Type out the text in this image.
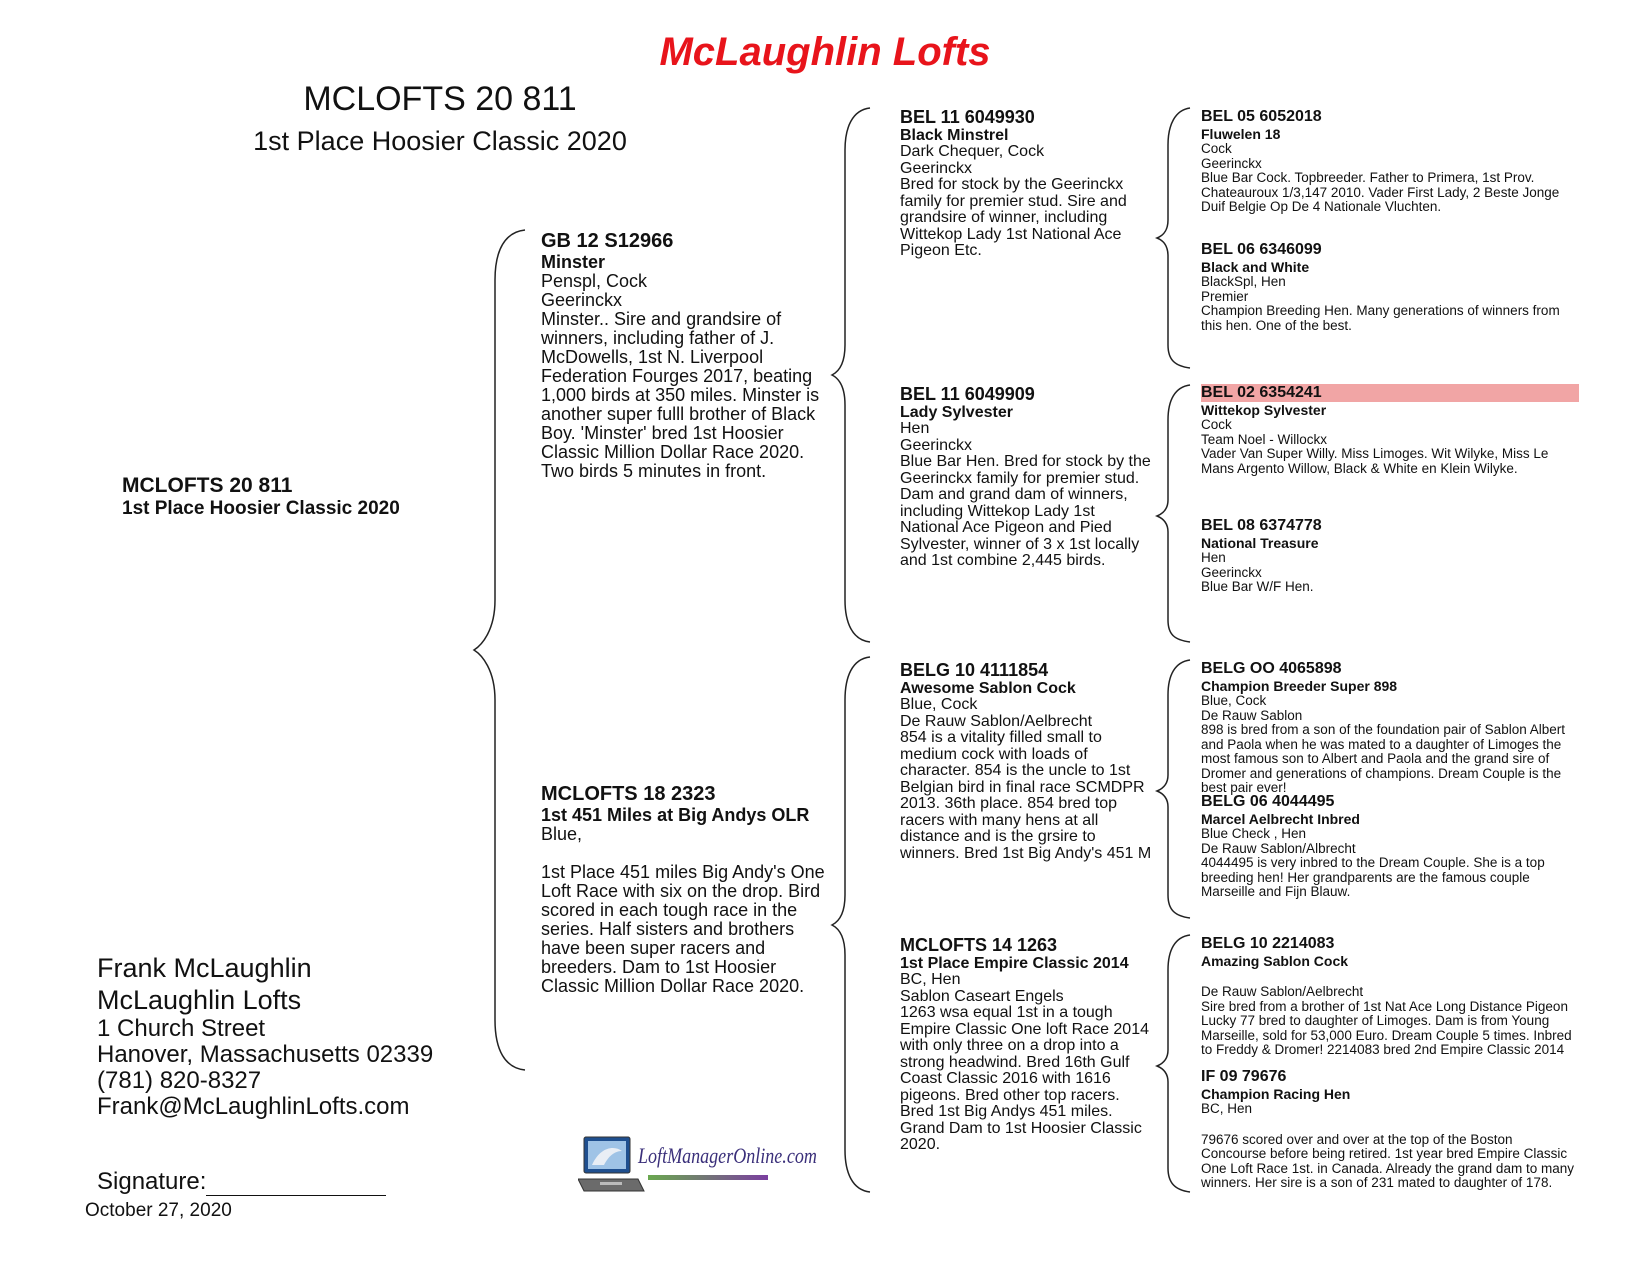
McLaughlin Lofts
MCLOFTS 20 811
1st Place Hoosier Classic 2020
MCLOFTS 20 811
1st Place Hoosier Classic 2020
GB 12 S12966
Minster
Penspl, Cock
Geerinckx
Minster.. Sire and grandsire of winners, including father of J. McDowells, 1st N. Liverpool Federation Fourges 2017, beating 1,000 birds at 350 miles. Minster is another super fulll brother of Black Boy. 'Minster' bred 1st Hoosier Classic Million Dollar Race 2020. Two birds 5 minutes in front.
MCLOFTS 18 2323
1st 451 Miles at Big Andys OLR
Blue,
1st Place 451 miles Big Andy's One Loft Race with six on the drop. Bird scored in each tough race in the series. Half sisters and brothers have been super racers and breeders. Dam to 1st Hoosier Classic Million Dollar Race 2020.
BEL 11 6049930
Black Minstrel
Dark Chequer, Cock
Geerinckx
Bred for stock by the Geerinckx family for premier stud. Sire and grandsire of winner, including Wittekop Lady 1st National Ace Pigeon Etc.
BEL 11 6049909
Lady Sylvester
Hen
Geerinckx
Blue Bar Hen. Bred for stock by the Geerinckx family for premier stud. Dam and grand dam of winners, including Wittekop Lady 1st National Ace Pigeon and Pied Sylvester, winner of 3 x 1st locally and 1st combine 2,445 birds.
BELG 10 4111854
Awesome Sablon Cock
Blue, Cock
De Rauw Sablon/Aelbrecht
854 is a vitality filled small to medium cock with loads of character. 854 is the uncle to 1st Belgian bird in final race SCMDPR 2013. 36th place. 854 bred top racers with many hens at all distance and is the grsire to winners. Bred 1st Big Andy's 451 M
MCLOFTS 14 1263
1st Place Empire Classic 2014
BC, Hen
Sablon Caseart Engels
1263 wsa equal 1st in a tough Empire Classic One loft Race 2014 with only three on a drop into a strong headwind. Bred 16th Gulf Coast Classic 2016 with 1616 pigeons. Bred other top racers. Bred 1st Big Andys 451 miles. Grand Dam to 1st Hoosier Classic 2020.
BEL 05 6052018
Fluwelen 18
Cock
Geerinckx
Blue Bar Cock. Topbreeder. Father to Primera, 1st Prov. Chateauroux 1/3,147 2010. Vader First Lady, 2 Beste Jonge Duif Belgie Op De 4 Nationale Vluchten.
BEL 06 6346099
Black and White
BlackSpl, Hen
Premier
Champion Breeding Hen. Many generations of winners from this hen. One of the best.
BEL 02 6354241
Wittekop Sylvester
Cock
Team Noel - Willockx
Vader Van Super Willy. Miss Limoges. Wit Wilyke, Miss Le Mans Argento Willow, Black & White en Klein Wilyke.
BEL 08 6374778
National Treasure
Hen
Geerinckx
Blue Bar W/F Hen.
BELG OO 4065898
Champion Breeder Super 898
Blue, Cock
De Rauw Sablon
898 is bred from a son of the foundation pair of Sablon Albert and Paola when he was mated to a daughter of Limoges the most famous son to Albert and Paola and the grand sire of Dromer and generations of champions. Dream Couple is the best pair ever!
BELG 06 4044495
Marcel Aelbrecht Inbred
Blue Check , Hen
De Rauw Sablon/Albrecht
4044495 is very inbred to the Dream Couple. She is a top breeding hen! Her grandparents are the famous couple Marseille and Fijn Blauw.
BELG 10 2214083
Amazing Sablon Cock
De Rauw Sablon/Aelbrecht
Sire bred from a brother of 1st Nat Ace Long Distance Pigeon Lucky 77 bred to daughter of Limoges. Dam is from Young Marseille, sold for 53,000 Euro. Dream Couple 5 times. Inbred to Freddy & Dromer! 2214083 bred 2nd Empire Classic 2014
IF 09 79676
Champion Racing Hen
BC, Hen
79676 scored over and over at the top of the Boston Concourse before being retired. 1st year bred Empire Classic One Loft Race 1st. in Canada. Already the grand dam to many winners. Her sire is a son of 231 mated to daughter of 178.
Frank McLaughlin
McLaughlin Lofts
1 Church Street
Hanover, Massachusetts 02339
(781) 820-8327
Frank@McLaughlinLofts.com
Signature:
October 27, 2020
LoftManagerOnline.com
